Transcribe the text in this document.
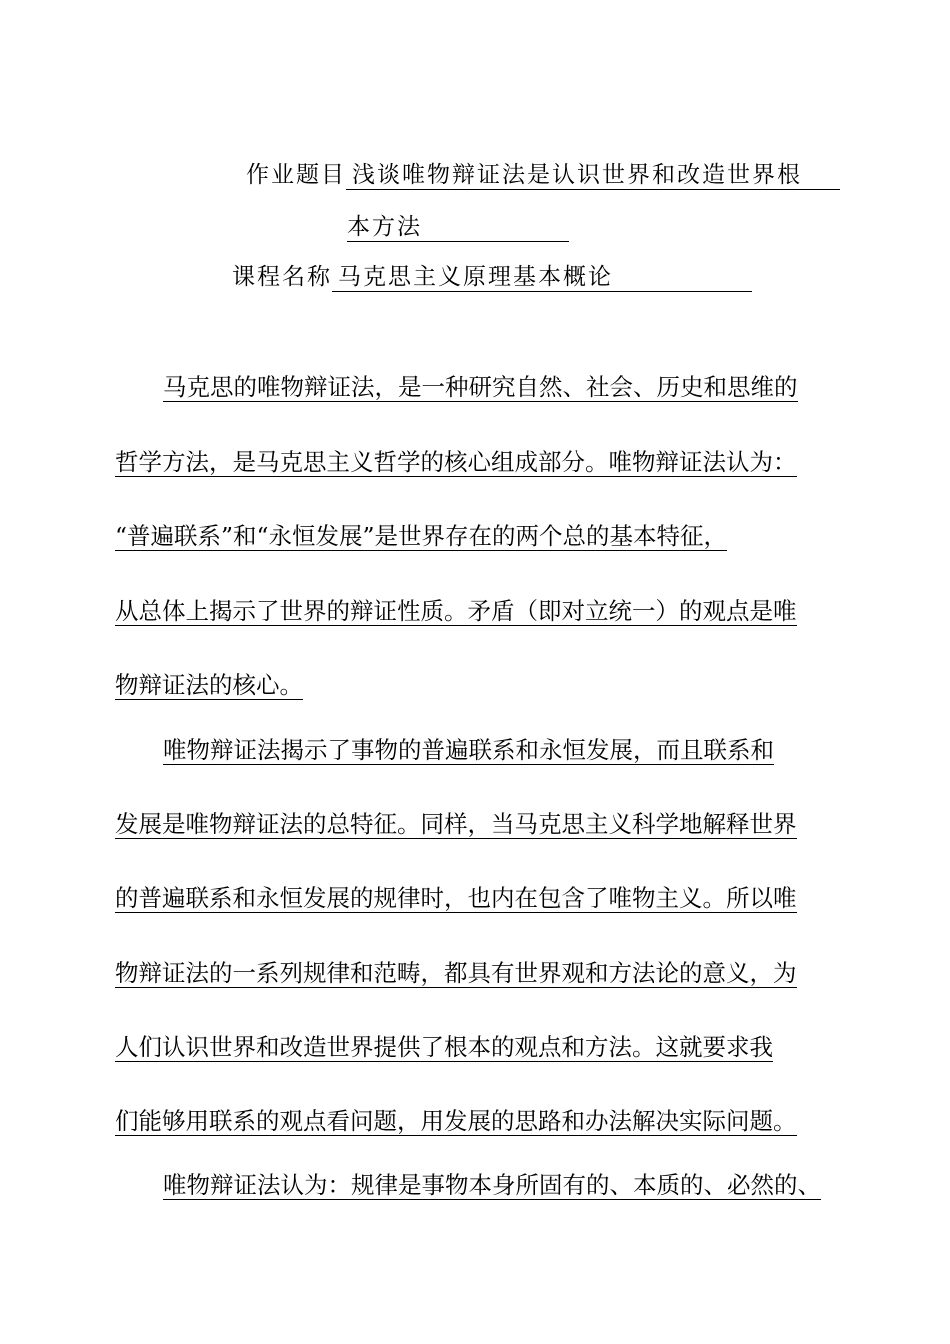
作业题目 浅谈唯物辩证法是认识世界和改造世界根
本方法
课程名称 马克思主义原理基本概论
马克思的唯物辩证法，是一种研究自然、社会、历史和思维的
哲学方法，是马克思主义哲学的核心组成部分。唯物辩证法认为：
“普遍联系”和“永恒发展”是世界存在的两个总的基本特征，
从总体上揭示了世界的辩证性质。矛盾（即对立统一）的观点是唯
物辩证法的核心。
唯物辩证法揭示了事物的普遍联系和永恒发展，而且联系和
发展是唯物辩证法的总特征。同样，当马克思主义科学地解释世界
的普遍联系和永恒发展的规律时，也内在包含了唯物主义。所以唯
物辩证法的一系列规律和范畴，都具有世界观和方法论的意义，为
人们认识世界和改造世界提供了根本的观点和方法。这就要求我
们能够用联系的观点看问题，用发展的思路和办法解决实际问题。
唯物辩证法认为：规律是事物本身所固有的、本质的、必然的、
